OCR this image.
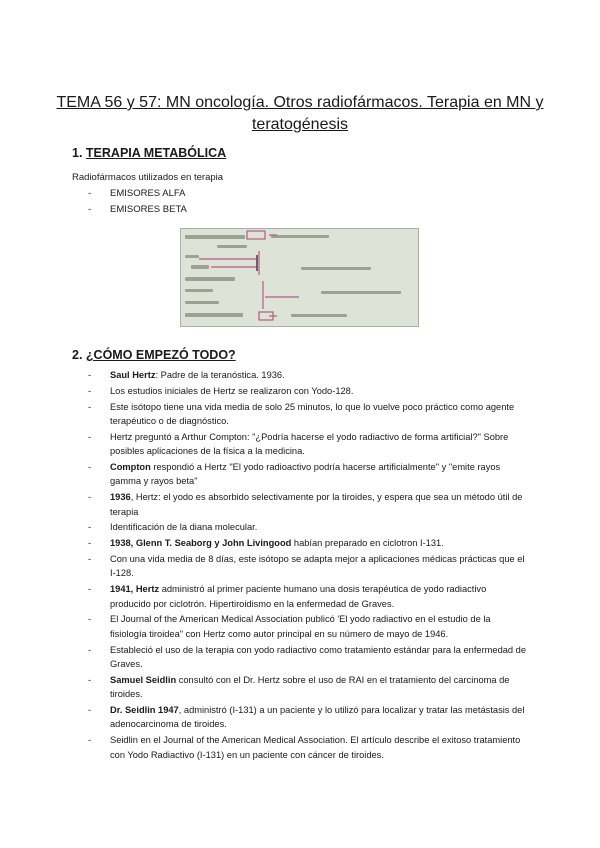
TEMA 56 y 57: MN oncología. Otros radiofármacos. Terapia en MN y teratogénesis
1. TERAPIA METABÓLICA
Radiofármacos utilizados en terapia
- EMISORES ALFA
- EMISORES BETA
2. ¿CÓMO EMPEZÓ TODO?
- Saul Hertz: Padre de la teranóstica. 1936.
- Los estudios iniciales de Hertz se realizaron con Yodo-128.
- Este isótopo tiene una vida media de solo 25 minutos, lo que lo vuelve poco práctico como agente terapéutico o de diagnóstico.
- Hertz preguntó a Arthur Compton: "¿Podría hacerse el yodo radiactivo de forma artificial?" Sobre posibles aplicaciones de la física a la medicina.
- Compton respondió a Hertz "El yodo radioactivo podría hacerse artificialmente" y "emite rayos gamma y rayos beta"
- 1936, Hertz: el yodo es absorbido selectivamente por la tiroides, y espera que sea un método útil de terapia
- Identificación de la diana molecular.
- 1938, Glenn T. Seaborg y John Livingood habían preparado en ciclotron I-131.
- Con una vida media de 8 días, este isótopo se adapta mejor a aplicaciones médicas prácticas que el I-128.
- 1941, Hertz administró al primer paciente humano una dosis terapéutica de yodo radiactivo producido por ciclotrón. Hipertiroidismo en la enfermedad de Graves.
- El Journal of the American Medical Association publicó 'El yodo radiactivo en el estudio de la fisiología tiroidea" con Hertz como autor principal en su número de mayo de 1946.
- Estableció el uso de la terapia con yodo radiactivo como tratamiento estándar para la enfermedad de Graves.
- Samuel Seidlin consultó con el Dr. Hertz sobre el uso de RAI en el tratamiento del carcinoma de tiroides.
- Dr. Seidlin 1947, administró (I-131) a un paciente y lo utilizó para localizar y tratar las metástasis del adenocarcinoma de tiroides.
- Seidlin en el Journal of the American Medical Association. El artículo describe el exitoso tratamiento con Yodo Radiactivo (I-131) en un paciente con cáncer de tiroides.
